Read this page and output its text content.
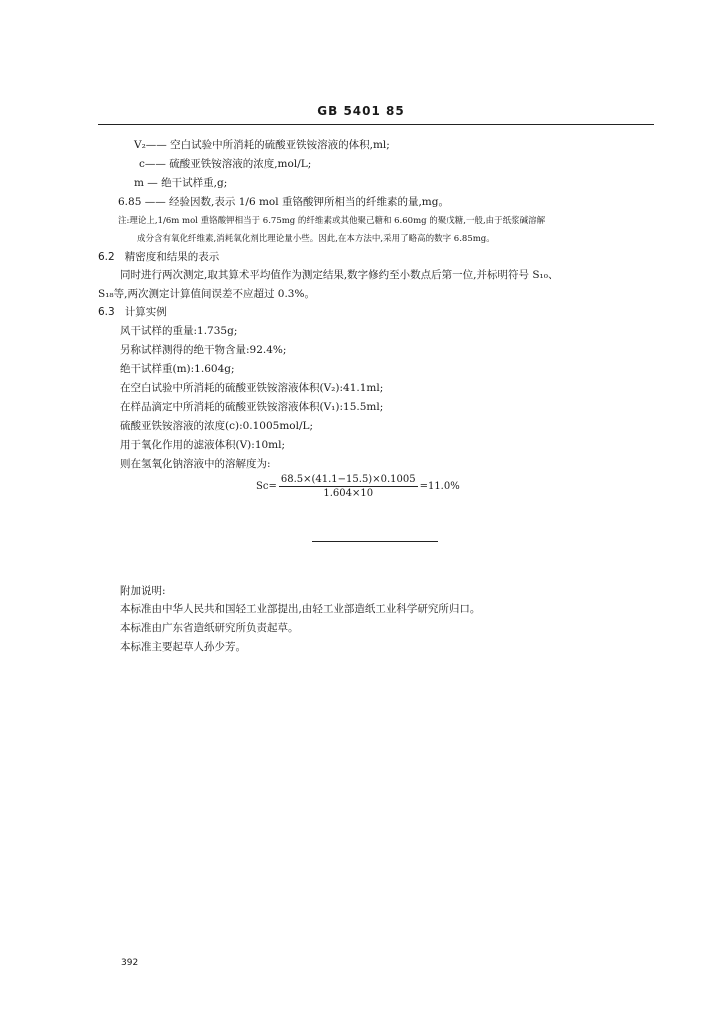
GB 5401 85
V₂—— 空白试验中所消耗的硫酸亚铁铵溶液的体积,ml;
c—— 硫酸亚铁铵溶液的浓度,mol/L;
m — 绝干试样重,g;
6.85 —— 经验因数,表示 1/6 mol 重铬酸钾所相当的纤维素的量,mg。
注:理论上,1/6m mol 重铬酸钾相当于 6.75mg 的纤维素或其他聚己糖和 6.60mg 的聚戊糖,一般,由于纸浆碱溶解
成分含有氧化纤维素,消耗氧化剂比理论量小些。因此,在本方法中,采用了略高的数字 6.85mg。
6.2 精密度和结果的表示
同时进行两次测定,取其算术平均值作为测定结果,数字修约至小数点后第一位,并标明符号 S₁₀、
S₁₈等,两次测定计算值间误差不应超过 0.3%。
6.3 计算实例
风干试样的重量:1.735g;
另称试样测得的绝干物含量:92.4%;
绝干试样重(m):1.604g;
在空白试验中所消耗的硫酸亚铁铵溶液体积(V₂):41.1ml;
在样品滴定中所消耗的硫酸亚铁铵溶液体积(V₁):15.5ml;
硫酸亚铁铵溶液的浓度(c):0.1005mol/L;
用于氧化作用的滤液体积(V):10ml;
则在氢氧化钠溶液中的溶解度为:
$Sc= \frac{68.5\times(41.1-15.5)\times 0.1005}{1.604\times 10} =11.0\%$
附加说明:
本标准由中华人民共和国轻工业部提出,由轻工业部造纸工业科学研究所归口。
本标准由广东省造纸研究所负责起草。
本标准主要起草人孙少芳。
392
